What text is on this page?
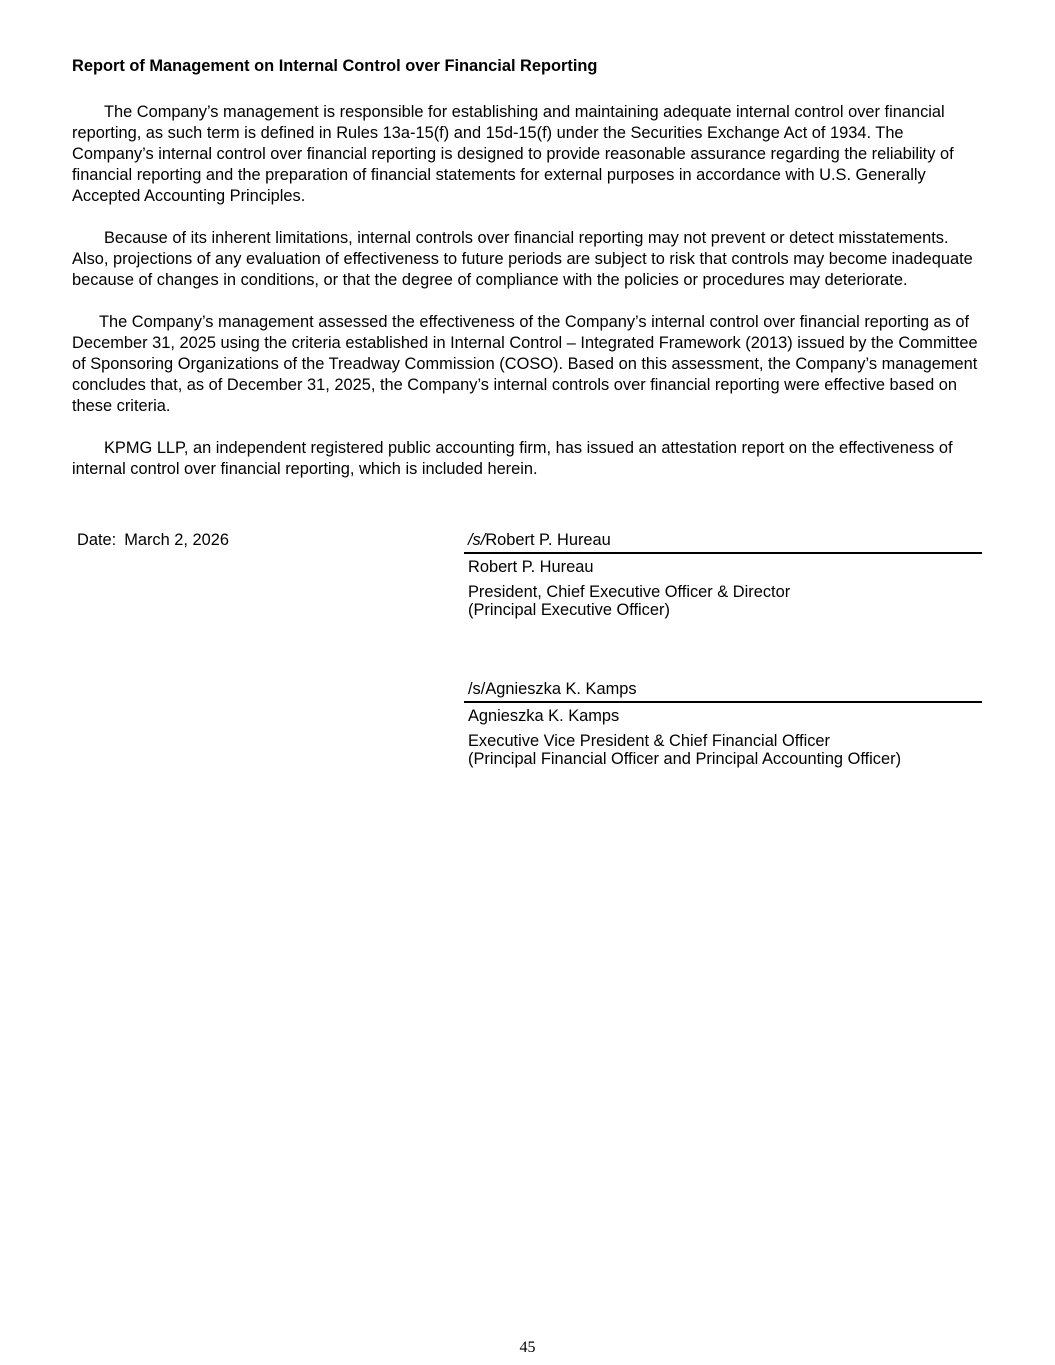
Report of Management on Internal Control over Financial Reporting

The Company’s management is responsible for establishing and maintaining adequate internal control over financial reporting, as such term is defined in Rules 13a-15(f) and 15d-15(f) under the Securities Exchange Act of 1934. The Company’s internal control over financial reporting is designed to provide reasonable assurance regarding the reliability of financial reporting and the preparation of financial statements for external purposes in accordance with U.S. Generally Accepted Accounting Principles.

Because of its inherent limitations, internal controls over financial reporting may not prevent or detect misstatements. Also, projections of any evaluation of effectiveness to future periods are subject to risk that controls may become inadequate because of changes in conditions, or that the degree of compliance with the policies or procedures may deteriorate.

The Company’s management assessed the effectiveness of the Company’s internal control over financial reporting as of December 31, 2025 using the criteria established in Internal Control – Integrated Framework (2013) issued by the Committee of Sponsoring Organizations of the Treadway Commission (COSO). Based on this assessment, the Company’s management concludes that, as of December 31, 2025, the Company’s internal controls over financial reporting were effective based on these criteria.

KPMG LLP, an independent registered public accounting firm, has issued an attestation report on the effectiveness of internal control over financial reporting, which is included herein.

Date: March 2, 2026	/s/Robert P. Hureau
Robert P. Hureau
President, Chief Executive Officer & Director
(Principal Executive Officer)
/s/Agnieszka K. Kamps
Agnieszka K. Kamps
Executive Vice President & Chief Financial Officer
(Principal Financial Officer and Principal Accounting Officer)
45
